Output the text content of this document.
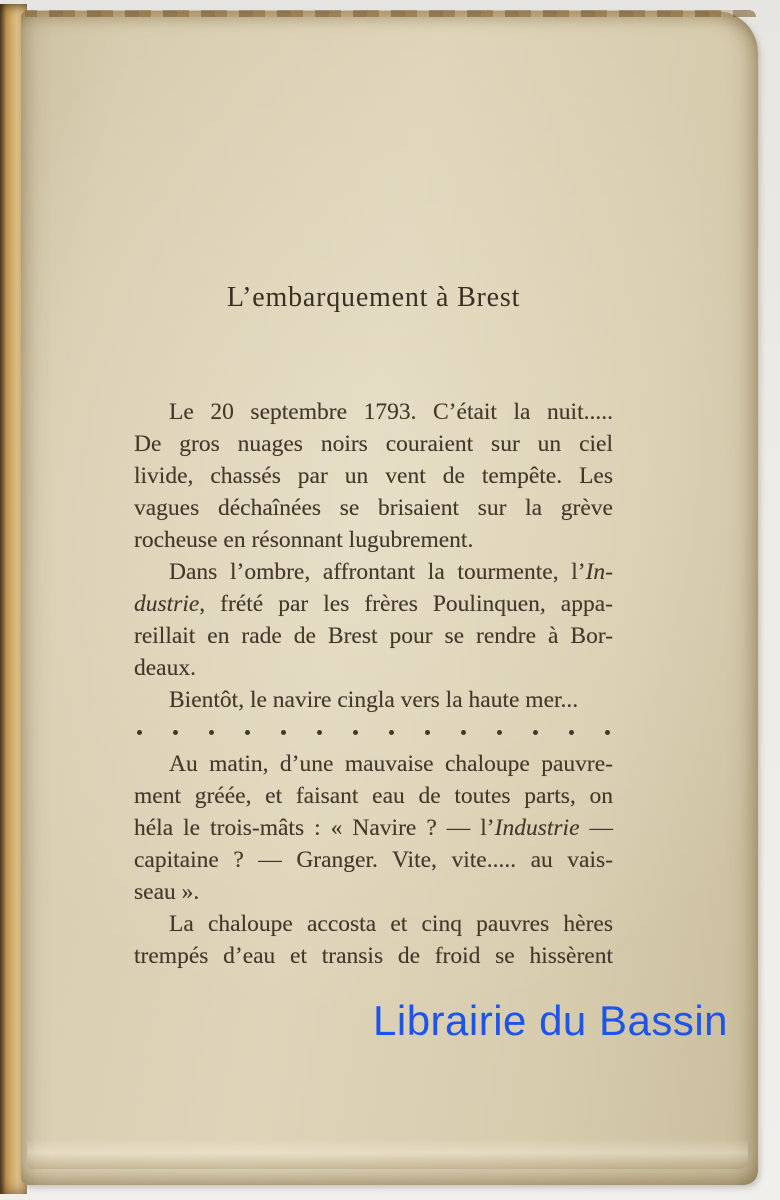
L’embarquement à Brest
Le 20 septembre 1793. C’était la nuit.....
De gros nuages noirs couraient sur un ciel
livide, chassés par un vent de tempête. Les
vagues déchaînées se brisaient sur la grève
rocheuse en résonnant lugubrement.
Dans l’ombre, affrontant la tourmente, l’In-
dustrie, frété par les frères Poulinquen, appa-
reillait en rade de Brest pour se rendre à Bor-
deaux.
Bientôt, le navire cingla vers la haute mer...
Au matin, d’une mauvaise chaloupe pauvre-
ment gréée, et faisant eau de toutes parts, on
héla le trois-mâts : « Navire ? — l’Industrie —
capitaine ? — Granger. Vite, vite..... au vais-
seau ».
La chaloupe accosta et cinq pauvres hères
trempés d’eau et transis de froid se hissèrent
Librairie du Bassin
